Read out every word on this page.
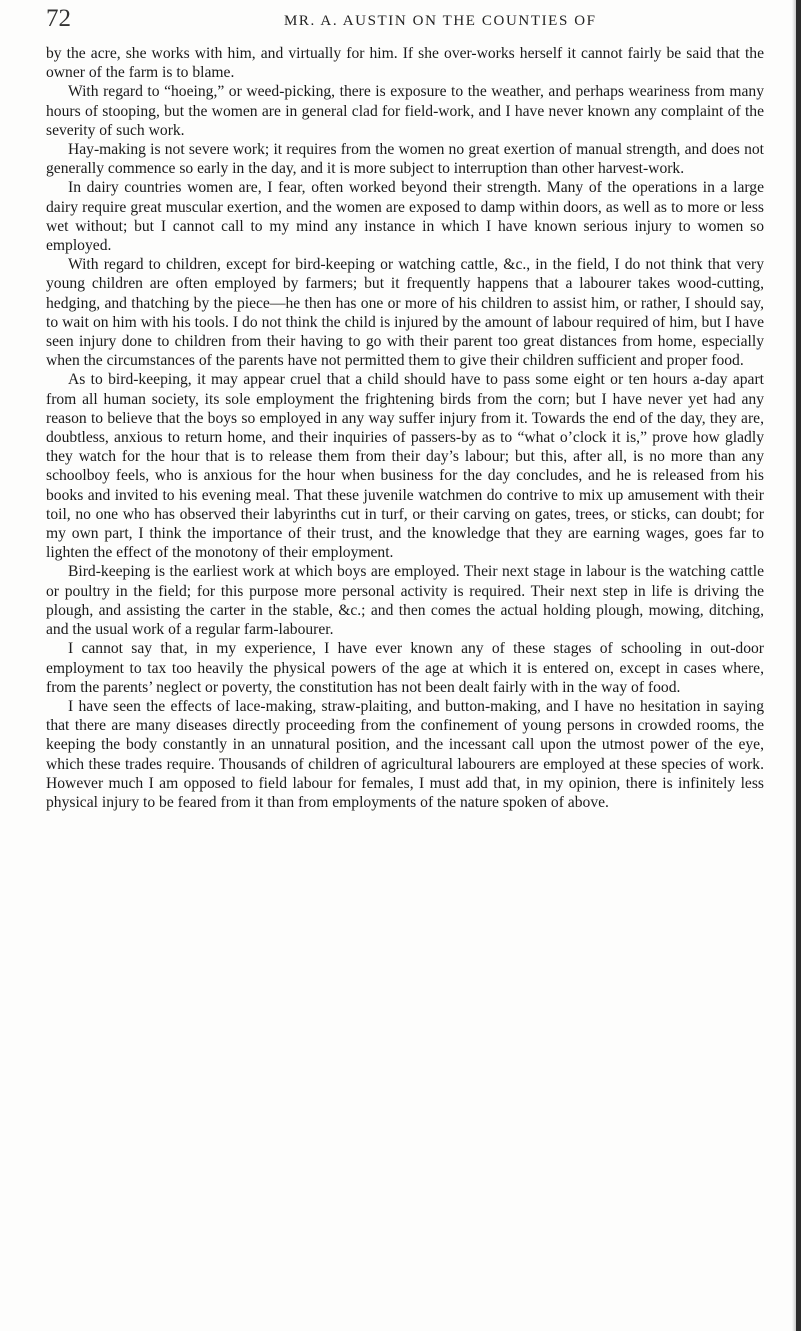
72	MR. A. AUSTIN ON THE COUNTIES OF

by the acre, she works with him, and virtually for him. If she over-works herself it cannot fairly be said that the owner of the farm is to blame.

With regard to “hoeing,” or weed-picking, there is exposure to the weather, and perhaps weariness from many hours of stooping, but the women are in general clad for field-work, and I have never known any complaint of the severity of such work.

Hay-making is not severe work; it requires from the women no great exertion of manual strength, and does not generally commence so early in the day, and it is more subject to interruption than other harvest-work.

In dairy countries women are, I fear, often worked beyond their strength. Many of the operations in a large dairy require great muscular exertion, and the women are exposed to damp within doors, as well as to more or less wet without; but I cannot call to my mind any instance in which I have known serious injury to women so employed.

With regard to children, except for bird-keeping or watching cattle, &c., in the field, I do not think that very young children are often employed by farmers; but it frequently happens that a labourer takes wood-cutting, hedging, and thatching by the piece—he then has one or more of his children to assist him, or rather, I should say, to wait on him with his tools. I do not think the child is injured by the amount of labour required of him, but I have seen injury done to children from their having to go with their parent too great distances from home, especially when the circumstances of the parents have not permitted them to give their children sufficient and proper food.

As to bird-keeping, it may appear cruel that a child should have to pass some eight or ten hours a-day apart from all human society, its sole employment the frightening birds from the corn; but I have never yet had any reason to believe that the boys so employed in any way suffer injury from it. Towards the end of the day, they are, doubtless, anxious to return home, and their inquiries of passers-by as to “what o’clock it is,” prove how gladly they watch for the hour that is to release them from their day’s labour; but this, after all, is no more than any schoolboy feels, who is anxious for the hour when business for the day concludes, and he is released from his books and invited to his evening meal. That these juvenile watchmen do contrive to mix up amusement with their toil, no one who has observed their labyrinths cut in turf, or their carving on gates, trees, or sticks, can doubt; for my own part, I think the importance of their trust, and the knowledge that they are earning wages, goes far to lighten the effect of the monotony of their employment.

Bird-keeping is the earliest work at which boys are employed. Their next stage in labour is the watching cattle or poultry in the field; for this purpose more personal activity is required. Their next step in life is driving the plough, and assisting the carter in the stable, &c.; and then comes the actual holding plough, mowing, ditching, and the usual work of a regular farm-labourer.

I cannot say that, in my experience, I have ever known any of these stages of schooling in out-door employment to tax too heavily the physical powers of the age at which it is entered on, except in cases where, from the parents’ neglect or poverty, the constitution has not been dealt fairly with in the way of food.

I have seen the effects of lace-making, straw-plaiting, and button-making, and I have no hesitation in saying that there are many diseases directly proceeding from the confinement of young persons in crowded rooms, the keeping the body constantly in an unnatural position, and the incessant call upon the utmost power of the eye, which these trades require. Thousands of children of agricultural labourers are employed at these species of work. However much I am opposed to field labour for females, I must add that, in my opinion, there is infinitely less physical injury to be feared from it than from employments of the nature spoken of above.
